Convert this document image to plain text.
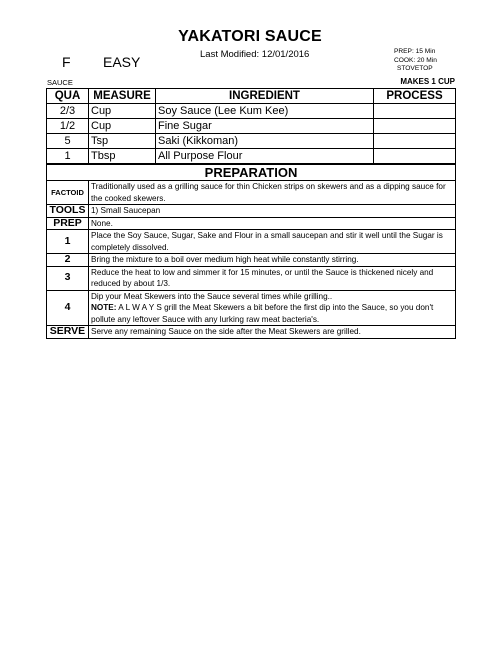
YAKATORI SAUCE
Last Modified: 12/01/2016
F EASY
PREP: 15 Min
COOK: 20 Min
STOVETOP
SAUCE	MAKES 1 CUP
QUA	MEASURE	INGREDIENT	PROCESS
2/3	Cup	Soy Sauce (Lee Kum Kee)	
1/2	Cup	Fine Sugar	
5	Tsp	Saki (Kikkoman)	
1	Tbsp	All Purpose Flour	
PREPARATION	
FACTOID	Traditionally used as a grilling sauce for thin Chicken strips on skewers and as a dipping sauce for the cooked skewers.
TOOLS	1) Small Saucepan
PREP	None.
1	Place the Soy Sauce, Sugar, Sake and Flour in a small saucepan and stir it well until the Sugar is completely dissolved.
2	Bring the mixture to a boil over medium high heat while constantly stirring.
3	Reduce the heat to low and simmer it for 15 minutes, or until the Sauce is thickened nicely and reduced by about 1/3.
4	Dip your Meat Skewers into the Sauce several times while grilling..
NOTE: A L W A Y S grill the Meat Skewers a bit before the first dip into the Sauce, so you don't pollute any leftover Sauce with any lurking raw meat bacteria's.

SERVE	Serve any remaining Sauce on the side after the Meat Skewers are grilled.
